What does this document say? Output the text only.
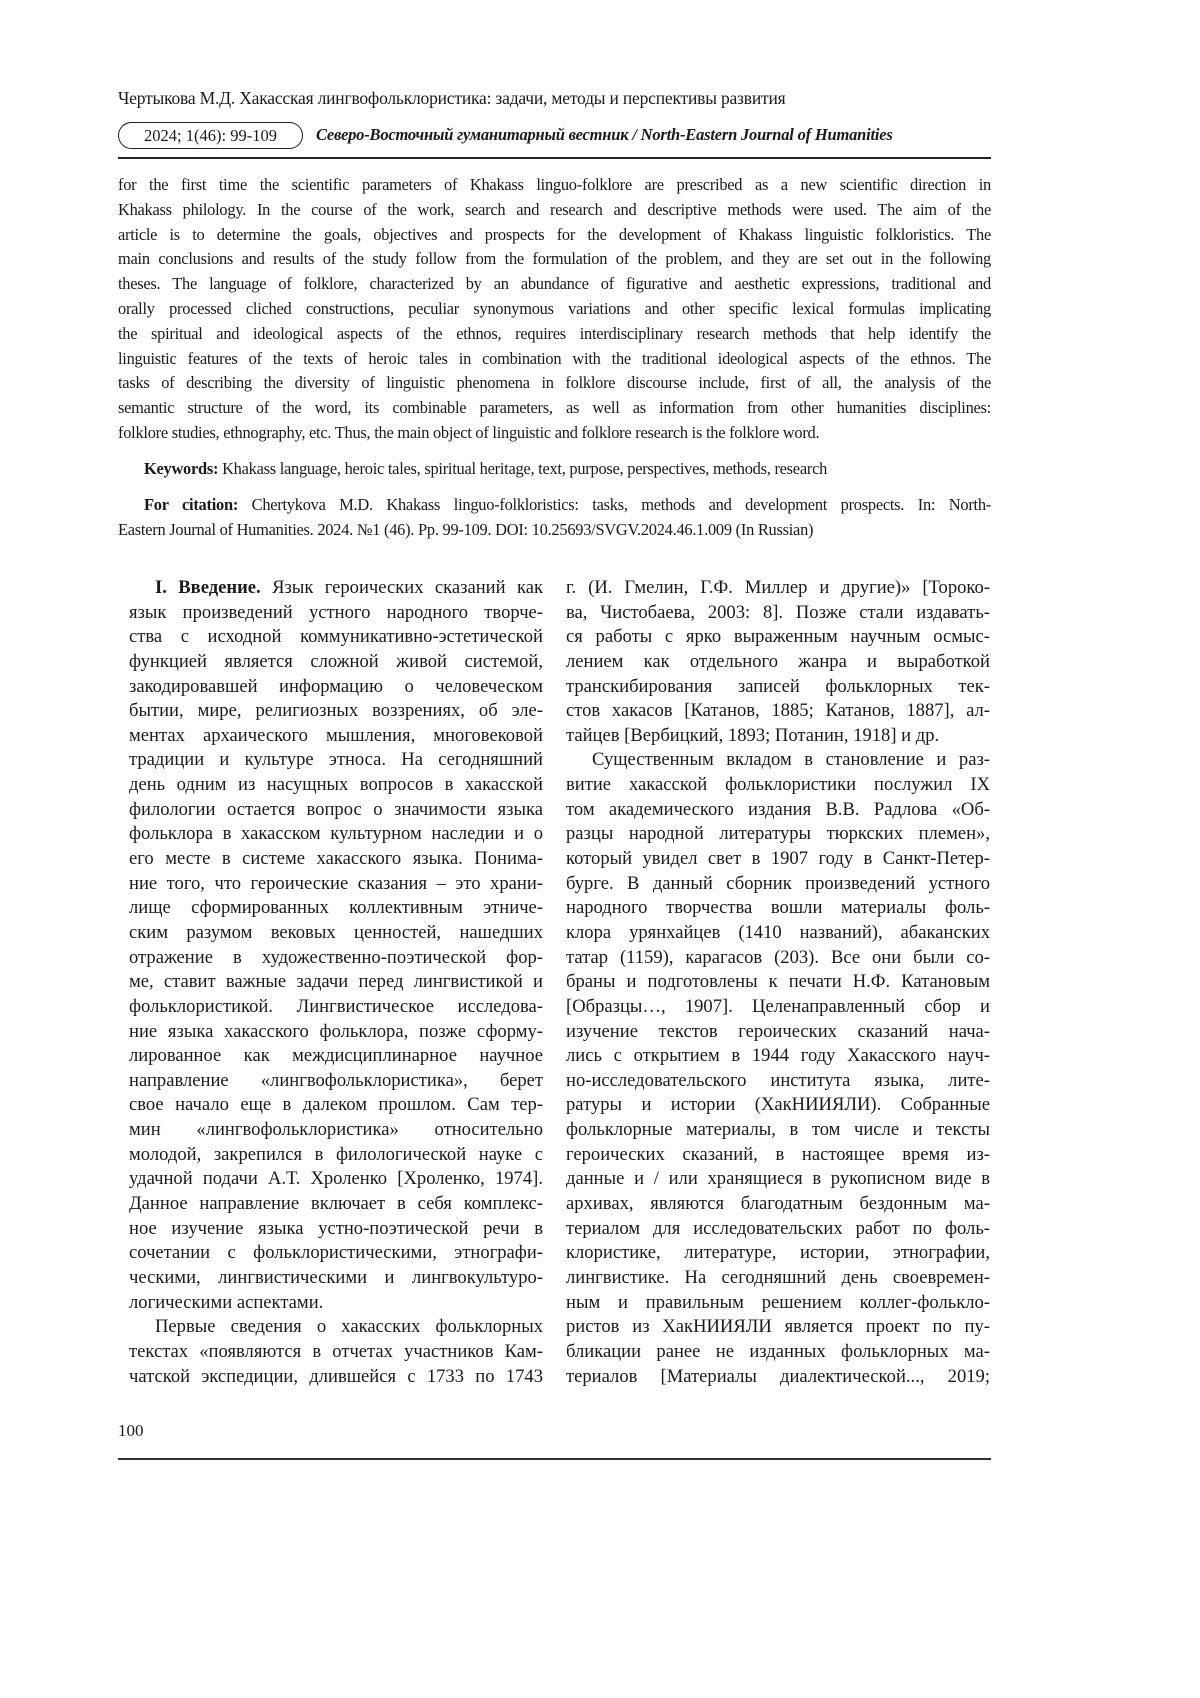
Чертыкова М.Д. Хакасская лингвофольклористика: задачи, методы и перспективы развития
2024; 1(46): 99-109	Северо-Восточный гуманитарный вестник / North-Eastern Journal of Humanities
for the first time the scientific parameters of Khakass linguo-folklore are prescribed as a new scientific direction in
Khakass philology. In the course of the work, search and research and descriptive methods were used. The aim of the
article is to determine the goals, objectives and prospects for the development of Khakass linguistic folkloristics. The
main conclusions and results of the study follow from the formulation of the problem, and they are set out in the following
theses. The language of folklore, characterized by an abundance of figurative and aesthetic expressions, traditional and
orally processed cliched constructions, peculiar synonymous variations and other specific lexical formulas implicating
the spiritual and ideological aspects of the ethnos, requires interdisciplinary research methods that help identify the
linguistic features of the texts of heroic tales in combination with the traditional ideological aspects of the ethnos. The
tasks of describing the diversity of linguistic phenomena in folklore discourse include, first of all, the analysis of the
semantic structure of the word, its combinable parameters, as well as information from other humanities disciplines:
folklore studies, ethnography, etc. Thus, the main object of linguistic and folklore research is the folklore word.
Keywords: Khakass language, heroic tales, spiritual heritage, text, purpose, perspectives, methods, research
For citation: Chertykova M.D. Khakass linguo-folkloristics: tasks, methods and development prospects. In: North-
Eastern Journal of Humanities. 2024. №1 (46). Pp. 99-109. DOI: 10.25693/SVGV.2024.46.1.009 (In Russian)
I. Введение. Язык героических сказаний как
язык произведений устного народного творче-
ства с исходной коммуникативно-эстетической
функцией является сложной живой системой,
закодировавшей информацию о человеческом
бытии, мире, религиозных воззрениях, об эле-
ментах архаического мышления, многовековой
традиции и культуре этноса. На сегодняшний
день одним из насущных вопросов в хакасской
филологии остается вопрос о значимости языка
фольклора в хакасском культурном наследии и о
его месте в системе хакасского языка. Понима-
ние того, что героические сказания – это храни-
лище сформированных коллективным этниче-
ским разумом вековых ценностей, нашедших
отражение в художественно-поэтической фор-
ме, ставит важные задачи перед лингвистикой и
фольклористикой. Лингвистическое исследова-
ние языка хакасского фольклора, позже сформу-
лированное как междисциплинарное научное
направление «лингвофольклористика», берет
свое начало еще в далеком прошлом. Сам тер-
мин «лингвофольклористика» относительно
молодой, закрепился в филологической науке с
удачной подачи А.Т. Хроленко [Хроленко, 1974].
Данное направление включает в себя комплекс-
ное изучение языка устно-поэтической речи в
сочетании с фольклористическими, этнографи-
ческими, лингвистическими и лингвокультуро-
логическими аспектами.
Первые сведения о хакасских фольклорных
текстах «появляются в отчетах участников Кам-
чатской экспедиции, длившейся с 1733 по 1743
г. (И. Гмелин, Г.Ф. Миллер и другие)» [Тороко-
ва, Чистобаева, 2003: 8]. Позже стали издавать-
ся работы с ярко выраженным научным осмыс-
лением как отдельного жанра и выработкой
транскибирования записей фольклорных тек-
стов хакасов [Катанов, 1885; Катанов, 1887], ал-
тайцев [Вербицкий, 1893; Потанин, 1918] и др.
Существенным вкладом в становление и раз-
витие хакасской фольклористики послужил IX
том академического издания В.В. Радлова «Об-
разцы народной литературы тюркских племен»,
который увидел свет в 1907 году в Санкт-Петер-
бурге. В данный сборник произведений устного
народного творчества вошли материалы фоль-
клора урянхайцев (1410 названий), абаканских
татар (1159), карагасов (203). Все они были со-
браны и подготовлены к печати Н.Ф. Катановым
[Образцы…, 1907]. Целенаправленный сбор и
изучение текстов героических сказаний нача-
лись с открытием в 1944 году Хакасского науч-
но-исследовательского института языка, лите-
ратуры и истории (ХакНИИЯЛИ). Собранные
фольклорные материалы, в том числе и тексты
героических сказаний, в настоящее время из-
данные и / или хранящиеся в рукописном виде в
архивах, являются благодатным бездонным ма-
териалом для исследовательских работ по фоль-
клористике, литературе, истории, этнографии,
лингвистике. На сегодняшний день своевремен-
ным и правильным решением коллег-фолькло-
ристов из ХакНИИЯЛИ является проект по пу-
бликации ранее не изданных фольклорных ма-
териалов [Материалы диалектической..., 2019;
100
